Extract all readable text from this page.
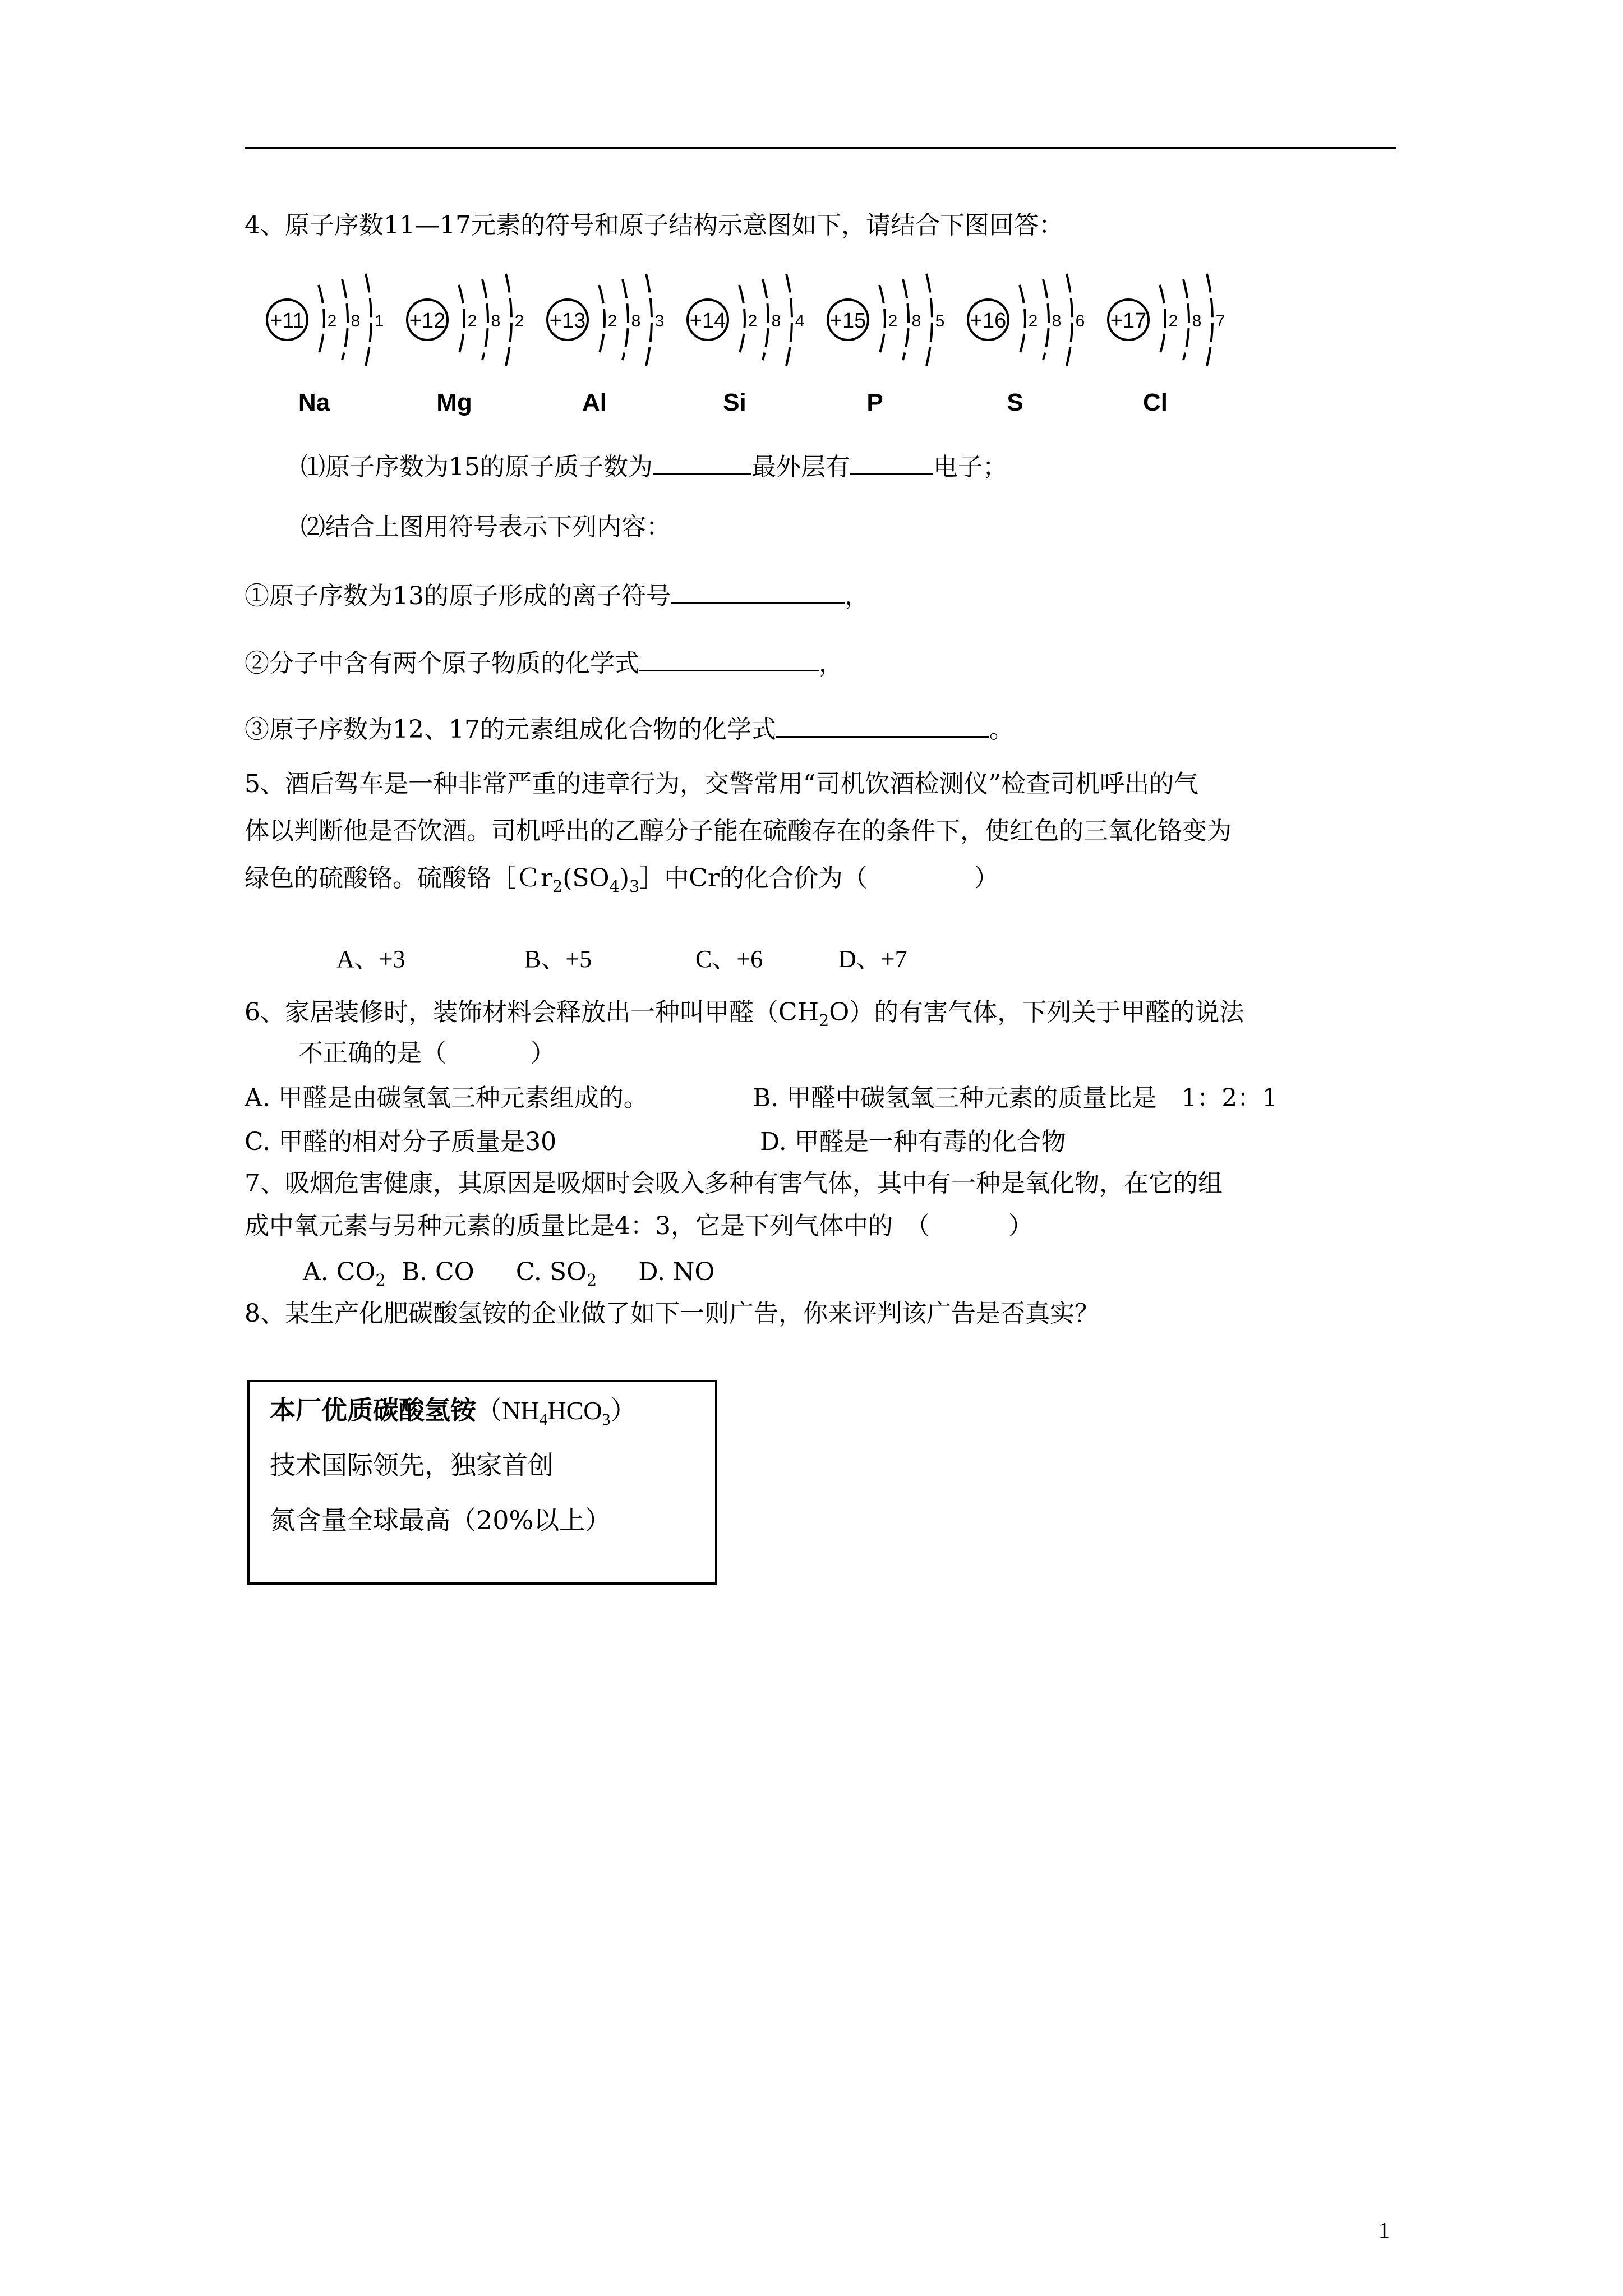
4、原子序数11—17元素的符号和原子结构示意图如下，请结合下图回答：
+11 2 8 1
Na
+12 2 8 2
Mg
+13 2 8 3
Al
+14 2 8 4
Si
+15 2 8 5
P
+16 2 8 6
S
+17 2 8 7
Cl
⑴原子序数为15的原子质子数为	最外层有	电子；
⑵结合上图用符号表示下列内容：
①原子序数为13的原子形成的离子符号	，
②分子中含有两个原子物质的化学式	，
③原子序数为12、17的元素组成化合物的化学式	。
5、酒后驾车是一种非常严重的违章行为，交警常用“司机饮酒检测仪”检查司机呼出的气
体以判断他是否饮酒。司机呼出的乙醇分子能在硫酸存在的条件下，使红色的三氧化铬变为
绿色的硫酸铬。硫酸铬$[Cr_2(SO_4)_3]$中Cr的化合价为（	）
A、+3	B、+5	C、+6	D、+7
6、家居装修时，装饰材料会释放出一种叫甲醛$(CH_2O)$的有害气体，下列关于甲醛的说法
不正确的是（	）
A. 甲醛是由碳氢氧三种元素组成的。	B. 甲醛中碳氢氧三种元素的质量比是　1：2：1
C. 甲醛的相对分子质量是30	D. 甲醛是一种有毒的化合物
7、吸烟危害健康，其原因是吸烟时会吸入多种有害气体，其中有一种是氧化物，在它的组
成中氧元素与另种元素的质量比是4：3，它是下列气体中的　（	）
A. $CO_2$ B. CO C. $SO_2$ D. NO
8、某生产化肥碳酸氢铵的企业做了如下一则广告，你来评判该广告是否真实？
本厂优质碳酸氢铵$(NH_4HCO_3)$
技术国际领先，独家首创
氮含量全球最高（20%以上）
1
